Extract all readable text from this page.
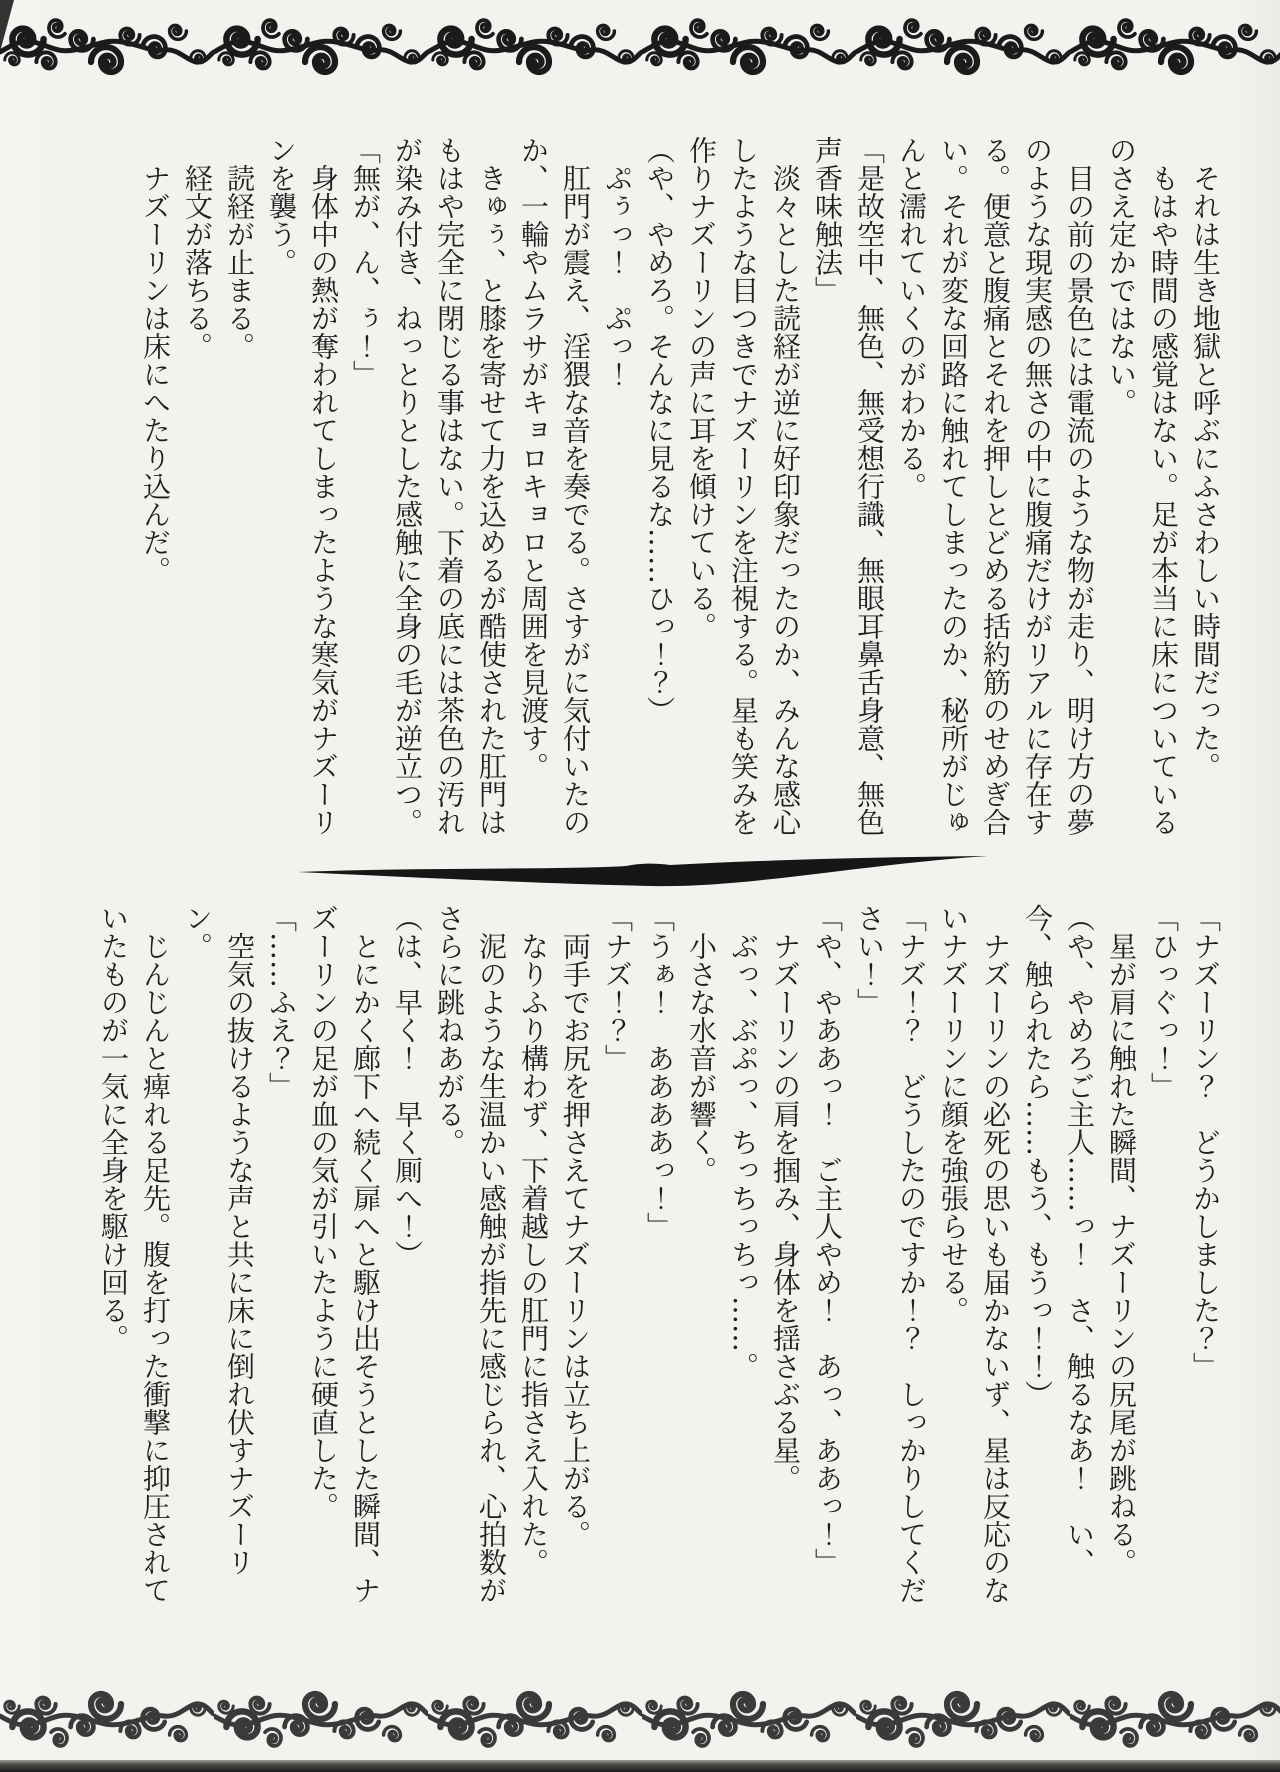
それは生き地獄と呼ぶにふさわしい時間だった。

もはや時間の感覚はない。足が本当に床についているのさえ定かではない。

目の前の景色には電流のような物が走り、明け方の夢のような現実感の無さの中に腹痛だけがリアルに存在する。便意と腹痛とそれを押しとどめる括約筋のせめぎ合い。それが変な回路に触れてしまったのか、秘所がじゅんと濡れていくのがわかる。

「是故空中、無色、無受想行識、無眼耳鼻舌身意、無色声香味触法」

淡々とした読経が逆に好印象だったのか、みんな感心したような目つきでナズーリンを注視する。星も笑みを作りナズーリンの声に耳を傾けている。

（や、やめろ。そんなに見るな……ひっ！？）

ぷぅっ！　ぷっ！

肛門が震え、淫猥な音を奏でる。さすがに気付いたのか、一輪やムラサがキョロキョロと周囲を見渡す。

きゅぅ、と膝を寄せて力を込めるが酷使された肛門はもはや完全に閉じる事はない。下着の底には茶色の汚れが染み付き、ねっとりとした感触に全身の毛が逆立つ。

「無が、ん、ぅ！」

身体中の熱が奪われてしまったような寒気がナズーリンを襲う。

読経が止まる。

経文が落ちる。

ナズーリンは床にへたり込んだ。

「ナズーリン？　どうかしました？」

「ひっぐっ！」

星が肩に触れた瞬間、ナズーリンの尻尾が跳ねる。

（や、やめろご主人……っ！　さ、触るなあ！　い、今、触られたら……もう、もうっ！！）

ナズーリンの必死の思いも届かないず、星は反応のないナズーリンに顔を強張らせる。

「ナズ！？　どうしたのですか！？　しっかりしてください！」

「や、やああっ！　ご主人やめ！　あっ、ああっ！」

ナズーリンの肩を掴み、身体を揺さぶる星。

ぶっ、ぶぷっ、ちっちっちっ……。

小さな水音が響く。

「うぁ！　ああああっ！」

「ナズ！？」

両手でお尻を押さえてナズーリンは立ち上がる。

なりふり構わず、下着越しの肛門に指さえ入れた。

泥のような生温かい感触が指先に感じられ、心拍数がさらに跳ねあがる。

（は、早く！　早く厠へ！）

とにかく廊下へ続く扉へと駆け出そうとした瞬間、ナズーリンの足が血の気が引いたように硬直した。

「……ふえ？」

空気の抜けるような声と共に床に倒れ伏すナズーリン。

じんじんと痺れる足先。腹を打った衝撃に抑圧されていたものが一気に全身を駆け回る。
